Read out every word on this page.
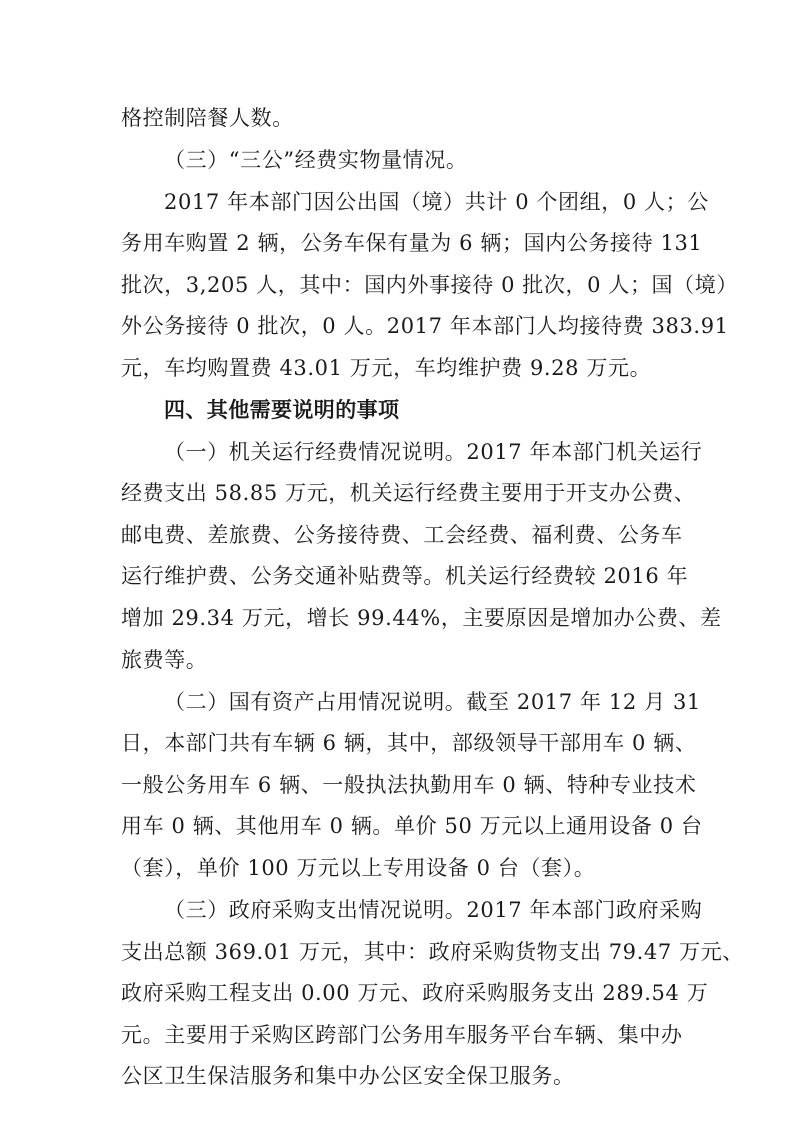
格控制陪餐人数。
（三）“三公”经费实物量情况。
2017 年本部门因公出国（境）共计 0 个团组，0 人；公
务用车购置 2 辆，公务车保有量为 6 辆；国内公务接待 131
批次，3,205 人，其中：国内外事接待 0 批次，0 人；国（境）
外公务接待 0 批次，0 人。2017 年本部门人均接待费 383.91
元，车均购置费 43.01 万元，车均维护费 9.28 万元。
四、其他需要说明的事项
（一）机关运行经费情况说明。2017 年本部门机关运行
经费支出 58.85 万元，机关运行经费主要用于开支办公费、
邮电费、差旅费、公务接待费、工会经费、福利费、公务车
运行维护费、公务交通补贴费等。机关运行经费较 2016 年
增加 29.34 万元，增长 99.44%，主要原因是增加办公费、差
旅费等。
（二）国有资产占用情况说明。截至 2017 年 12 月 31
日，本部门共有车辆 6 辆，其中，部级领导干部用车 0 辆、
一般公务用车 6 辆、一般执法执勤用车 0 辆、特种专业技术
用车 0 辆、其他用车 0 辆。单价 50 万元以上通用设备 0 台
（套），单价 100 万元以上专用设备 0 台（套）。
（三）政府采购支出情况说明。2017 年本部门政府采购
支出总额 369.01 万元，其中：政府采购货物支出 79.47 万元、
政府采购工程支出 0.00 万元、政府采购服务支出 289.54 万
元。主要用于采购区跨部门公务用车服务平台车辆、集中办
公区卫生保洁服务和集中办公区安全保卫服务。
